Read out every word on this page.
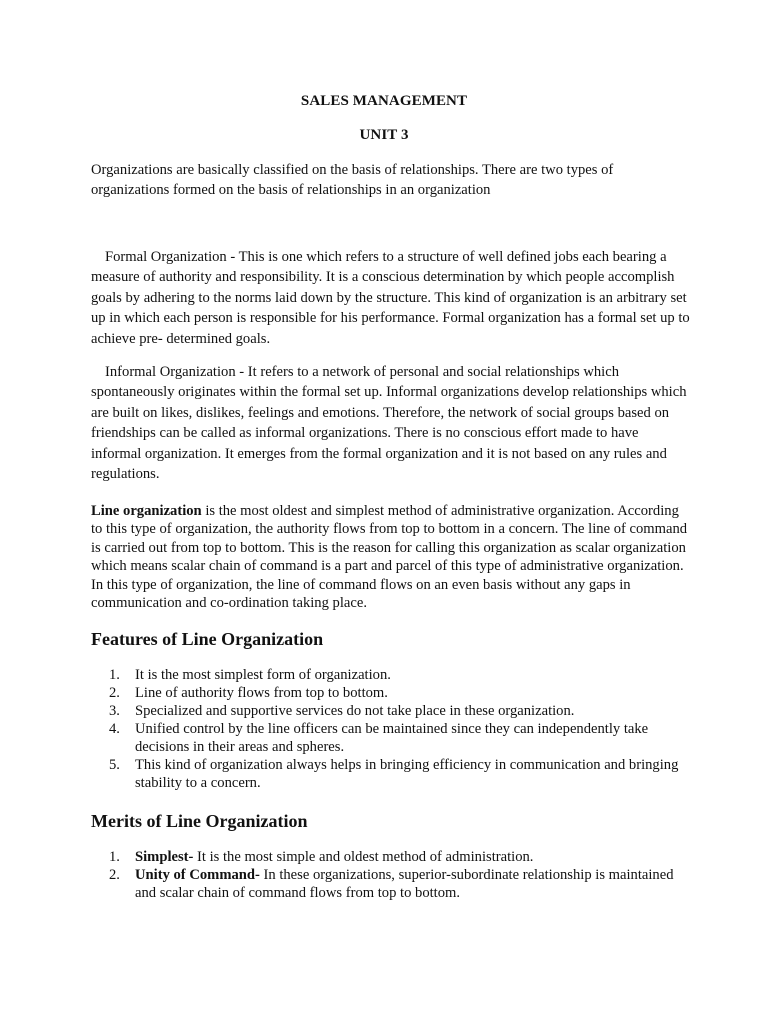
SALES MANAGEMENT
UNIT 3

Organizations are basically classified on the basis of relationships. There are two types of organizations formed on the basis of relationships in an organization

Formal Organization - This is one which refers to a structure of well defined jobs each bearing a measure of authority and responsibility. It is a conscious determination by which people accomplish goals by adhering to the norms laid down by the structure. This kind of organization is an arbitrary set up in which each person is responsible for his performance. Formal organization has a formal set up to achieve pre- determined goals.

Informal Organization - It refers to a network of personal and social relationships which spontaneously originates within the formal set up. Informal organizations develop relationships which are built on likes, dislikes, feelings and emotions. Therefore, the network of social groups based on friendships can be called as informal organizations. There is no conscious effort made to have informal organization. It emerges from the formal organization and it is not based on any rules and regulations.

Line organization is the most oldest and simplest method of administrative organization. According to this type of organization, the authority flows from top to bottom in a concern. The line of command is carried out from top to bottom. This is the reason for calling this organization as scalar organization which means scalar chain of command is a part and parcel of this type of administrative organization. In this type of organization, the line of command flows on an even basis without any gaps in communication and co-ordination taking place.

Features of Line Organization
1. It is the most simplest form of organization.
2. Line of authority flows from top to bottom.
3. Specialized and supportive services do not take place in these organization.
4. Unified control by the line officers can be maintained since they can independently take decisions in their areas and spheres.
5. This kind of organization always helps in bringing efficiency in communication and bringing stability to a concern.
Merits of Line Organization
1. Simplest- It is the most simple and oldest method of administration.
2. Unity of Command- In these organizations, superior-subordinate relationship is maintained and scalar chain of command flows from top to bottom.
